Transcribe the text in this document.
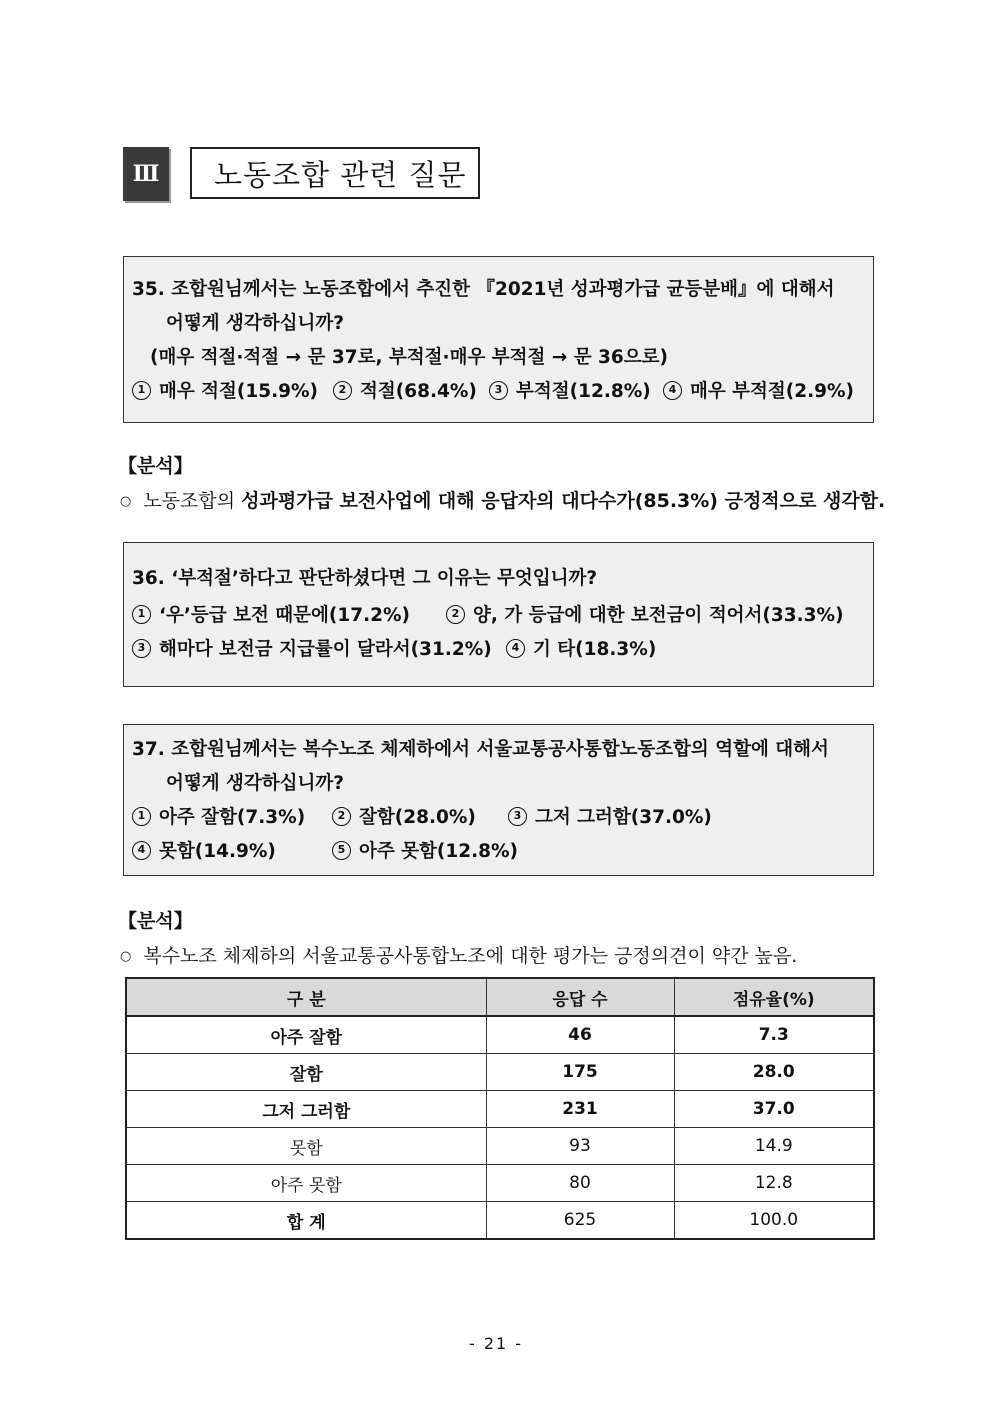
Ⅲ	노동조합 관련 질문
35. 조합원님께서는 노동조합에서 추진한 『2021년 성과평가급 균등분배』에 대해서
어떻게 생각하십니까?
(매우 적절·적절 → 문 37로, 부적절·매우 부적절 → 문 36으로)
1 매우 적절(15.9%)	2 적절(68.4%)	3 부적절(12.8%)	4 매우 부적절(2.9%)
【분석】
○ 노동조합의 성과평가급 보전사업에 대해 응답자의 대다수가(85.3%) 긍정적으로 생각함.
36. ‘부적절’하다고 판단하셨다면 그 이유는 무엇입니까?
1 ‘우’등급 보전 때문에(17.2%)	2 양, 가 등급에 대한 보전금이 적어서(33.3%)
3 해마다 보전금 지급률이 달라서(31.2%)	4 기 타(18.3%)
37. 조합원님께서는 복수노조 체제하에서 서울교통공사통합노동조합의 역할에 대해서
어떻게 생각하십니까?
1 아주 잘함(7.3%)	2 잘함(28.0%)	3 그저 그러함(37.0%)
4 못함(14.9%)	5 아주 못함(12.8%)
【분석】
○ 복수노조 체제하의 서울교통공사통합노조에 대한 평가는 긍정의견이 약간 높음.
구 분	응답 수	점유율(%)
아주 잘함	46	7.3
잘함	175	28.0
그저 그러함	231	37.0
못함	93	14.9
아주 못함	80	12.8
합 계	625	100.0
- 21 -
